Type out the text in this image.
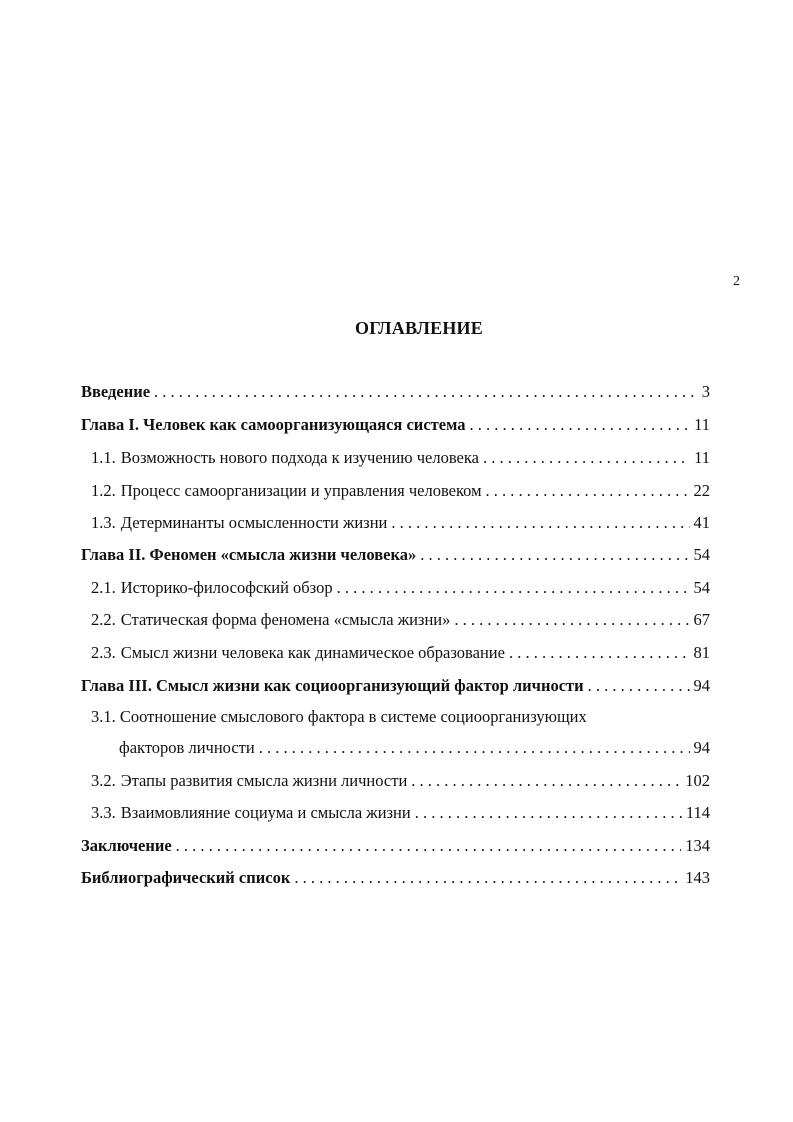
2
ОГЛАВЛЕНИЕ
Введение . . .	3
Глава I. Человек как самоорганизующаяся система . . .	11
1.1. Возможность нового подхода к изучению человека . . .	11
1.2. Процесс самоорганизации и управления человеком . . .	22
1.3. Детерминанты осмысленности жизни . . .	41
Глава II. Феномен «смысла жизни человека» . . .	54
2.1. Историко-философский обзор . . .	54
2.2. Статическая форма феномена «смысла жизни» . . .	67
2.3. Смысл жизни человека как динамическое образование . . .	81
Глава III. Смысл жизни как социоорганизующий фактор личности . . .	94
3.1. Соотношение смыслового фактора в системе социоорганизующих
факторов личности . . .	94
3.2. Этапы развития смысла жизни личности . . .	102
3.3. Взаимовлияние социума и смысла жизни . . .	114
Заключение . . .	134
Библиографический список . . .	143
